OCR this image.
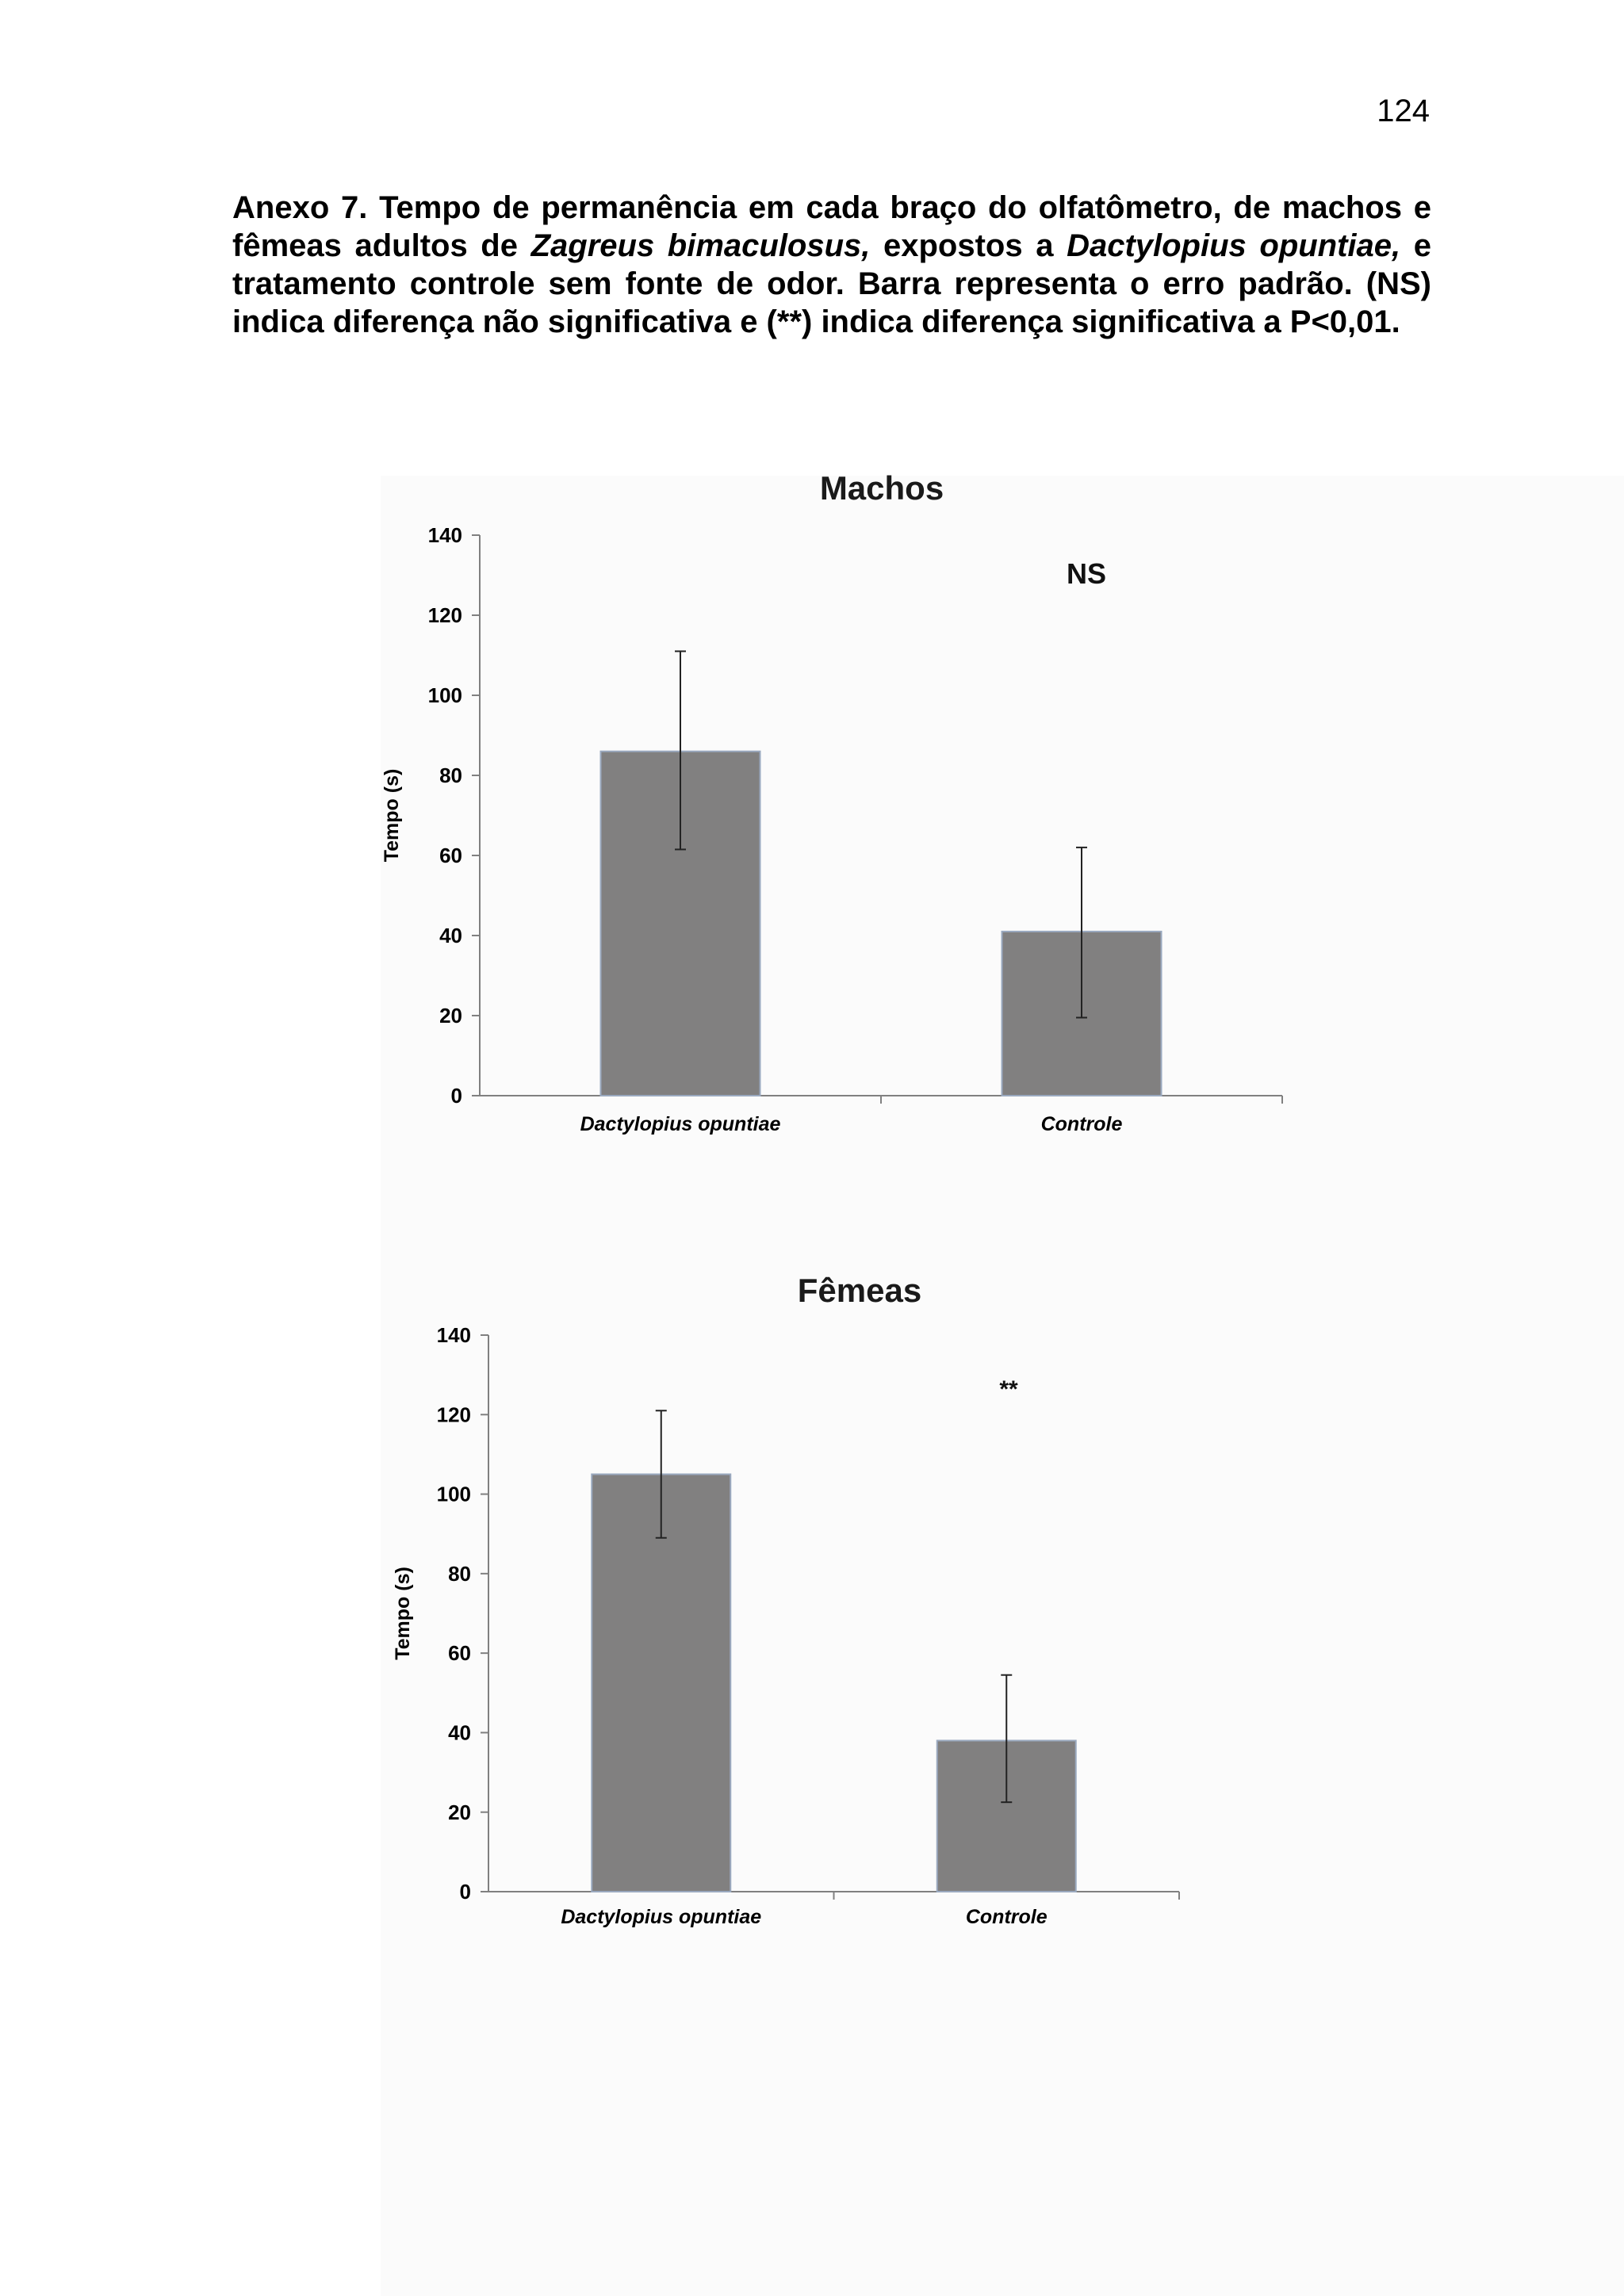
124
Anexo 7. Tempo de permanência em cada braço do olfatômetro, de machos e fêmeas adultos de Zagreus bimaculosus, expostos a Dactylopius opuntiae, e tratamento controle sem fonte de odor. Barra representa o erro padrão. (NS) indica diferença não significativa e (**) indica diferença significativa a P<0,01.
Machos
0
20
40
60
80
100
120
140
Tempo (s)
Dactylopius opuntiae	Controle
NS
Fêmeas
0
20
40
60
80
100
120
140
Tempo (s)
Dactylopius opuntiae	Controle
**
